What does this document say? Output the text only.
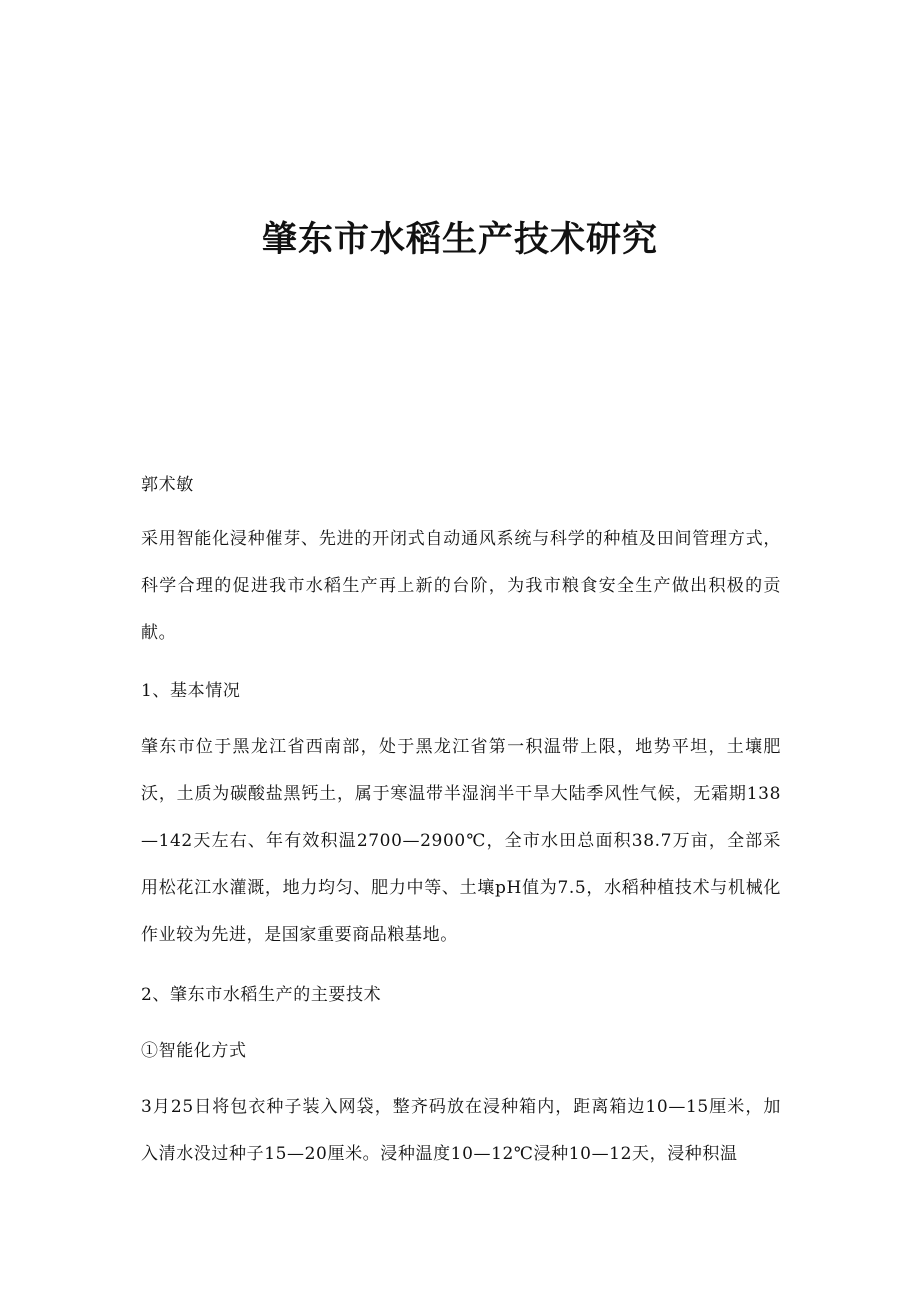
肇东市水稻生产技术研究

郭术敏

采用智能化浸种催芽、先进的开闭式自动通风系统与科学的种植及田间管理方式，科学合理的促进我市水稻生产再上新的台阶，为我市粮食安全生产做出积极的贡献。

1、基本情况

肇东市位于黑龙江省西南部，处于黑龙江省第一积温带上限，地势平坦，土壤肥沃，土质为碳酸盐黑钙土，属于寒温带半湿润半干旱大陆季风性气候，无霜期138—142天左右、年有效积温2700—2900℃，全市水田总面积38.7万亩，全部采用松花江水灌溉，地力均匀、肥力中等、土壤pH值为7.5，水稻种植技术与机械化作业较为先进，是国家重要商品粮基地。

2、肇东市水稻生产的主要技术

①智能化方式

3月25日将包衣种子装入网袋，整齐码放在浸种箱内，距离箱边10—15厘米，加入清水没过种子15—20厘米。浸种温度10—12℃浸种10—12天，浸种积温
